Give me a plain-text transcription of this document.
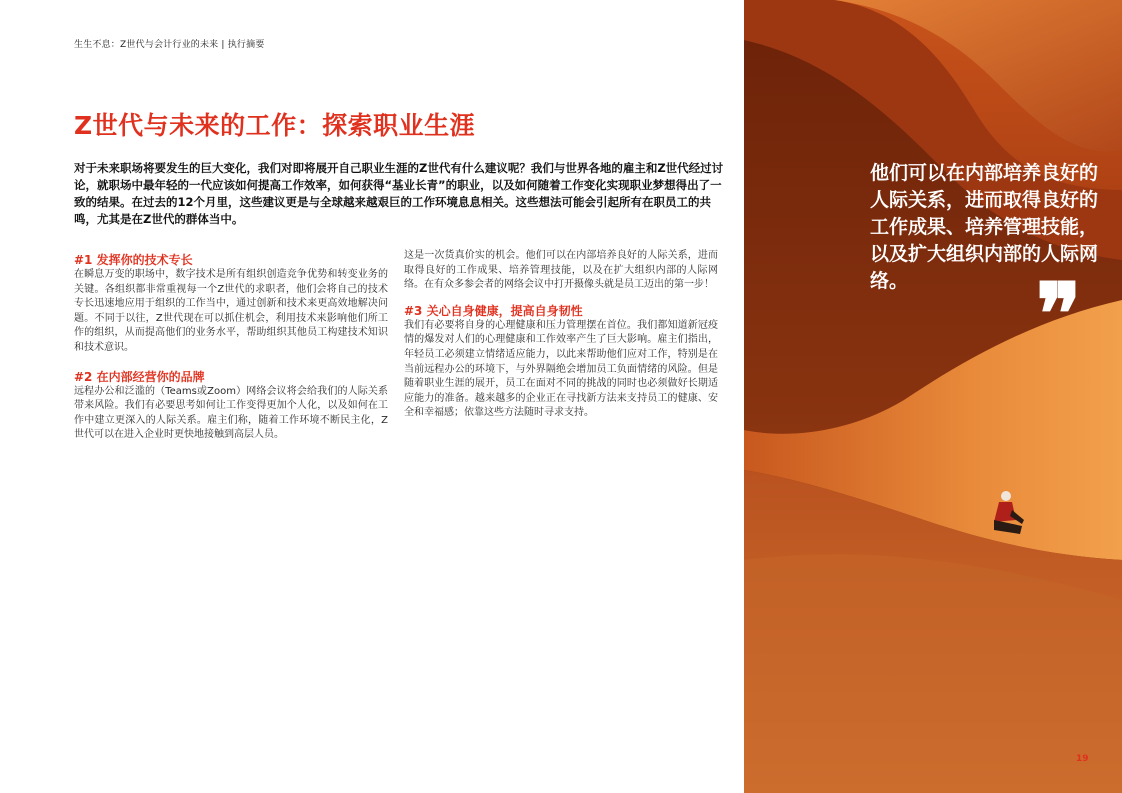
生生不息：Z世代与会计行业的未来 | 执行摘要
Z世代与未来的工作：探索职业生涯

对于未来职场将要发生的巨大变化，我们对即将展开自己职业生涯的Z世代有什么建议呢？我们与世界各地的雇主和Z世代经过讨论，就职场中最年轻的一代应该如何提高工作效率，如何获得“基业长青”的职业，以及如何随着工作变化实现职业梦想得出了一致的结果。在过去的12个月里，这些建议更是与全球越来越艰巨的工作环境息息相关。这些想法可能会引起所有在职员工的共鸣，尤其是在Z世代的群体当中。

#1 发挥你的技术专长

在瞬息万变的职场中，数字技术是所有组织创造竞争优势和转变业务的关键。各组织都非常重视每一个Z世代的求职者，他们会将自己的技术专长迅速地应用于组织的工作当中，通过创新和技术来更高效地解决问题。不同于以往，Z世代现在可以抓住机会，利用技术来影响他们所工作的组织，从而提高他们的业务水平，帮助组织其他员工构建技术知识和技术意识。

#2 在内部经营你的品牌

远程办公和泛滥的（Teams或Zoom）网络会议将会给我们的人际关系带来风险。我们有必要思考如何让工作变得更加个人化，以及如何在工作中建立更深入的人际关系。雇主们称，随着工作环境不断民主化，Z世代可以在进入企业时更快地接触到高层人员。

这是一次货真价实的机会。他们可以在内部培养良好的人际关系，进而取得良好的工作成果、培养管理技能，以及在扩大组织内部的人际网络。在有众多参会者的网络会议中打开摄像头就是员工迈出的第一步！

#3 关心自身健康，提高自身韧性

我们有必要将自身的心理健康和压力管理摆在首位。我们都知道新冠疫情的爆发对人们的心理健康和工作效率产生了巨大影响。雇主们指出，年轻员工必须建立情绪适应能力，以此来帮助他们应对工作，特别是在当前远程办公的环境下，与外界隔绝会增加员工负面情绪的风险。但是随着职业生涯的展开，员工在面对不同的挑战的同时也必须做好长期适应能力的准备。越来越多的企业正在寻找新方法来支持员工的健康、安全和幸福感；依靠这些方法随时寻求支持。

他们可以在内部培养良好的人际关系，进而取得良好的工作成果、培养管理技能，以及扩大组织内部的人际网络。	❞
19
